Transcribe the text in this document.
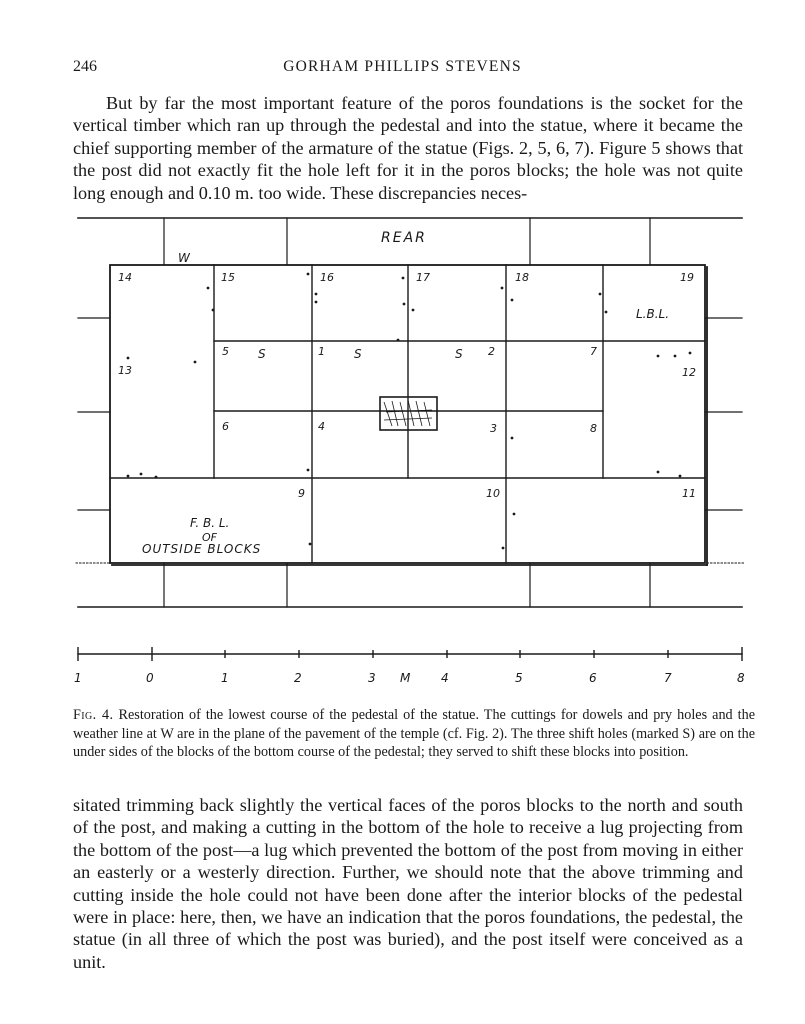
246	GORHAM PHILLIPS STEVENS

But by far the most important feature of the poros foundations is the socket for the vertical timber which ran up through the pedestal and into the statue, where it became the chief supporting member of the armature of the statue (Figs. 2, 5, 6, 7). Figure 5 shows that the post did not exactly fit the hole left for it in the poros blocks; the hole was not quite long enough and 0.10 m. too wide. These discrepancies neces-

REAR
W
L.B.L.
F. B. L.
OF
OUTSIDE BLOCKS
14	15	16	17	18	19
5	1	2	7
13	12
6	4	3	8
9	10	11
S	S	S
1	0	1	2	3 M	4	5	6	7	8

Fig. 4. Restoration of the lowest course of the pedestal of the statue. The cuttings for dowels and pry holes and the weather line at W are in the plane of the pavement of the temple (cf. Fig. 2). The three shift holes (marked S) are on the under sides of the blocks of the bottom course of the pedestal; they served to shift these blocks into position.

sitated trimming back slightly the vertical faces of the poros blocks to the north and south of the post, and making a cutting in the bottom of the hole to receive a lug projecting from the bottom of the post—a lug which prevented the bottom of the post from moving in either an easterly or a westerly direction. Further, we should note that the above trimming and cutting inside the hole could not have been done after the interior blocks of the pedestal were in place: here, then, we have an indication that the poros foundations, the pedestal, the statue (in all three of which the post was buried), and the post itself were conceived as a unit.
